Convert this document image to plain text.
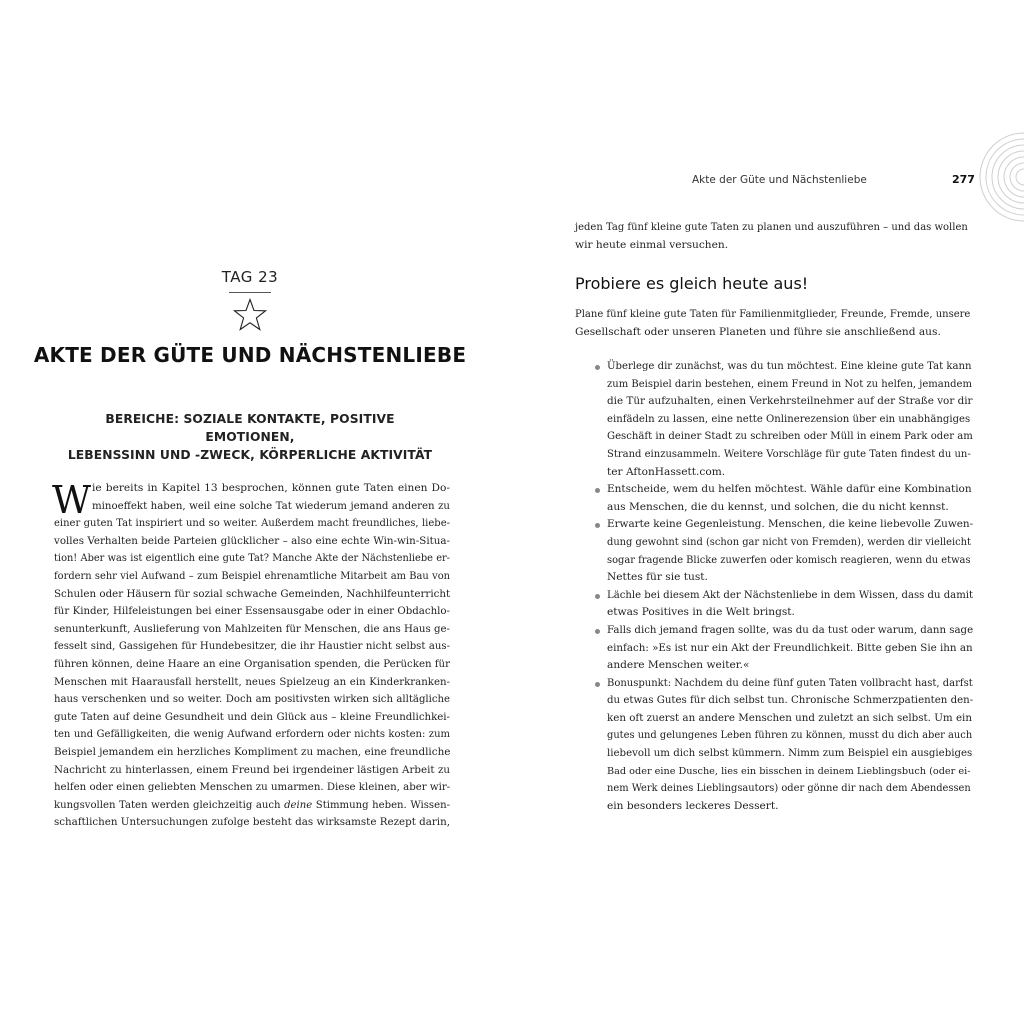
TAG 23
AKTE DER GÜTE UND NÄCHSTENLIEBE
BEREICHE: SOZIALE KONTAKTE, POSITIVE EMOTIONEN,
LEBENSSINN UND -ZWECK, KÖRPERLICHE AKTIVITÄT
W ie bereits in Kapitel 13 besprochen, können gute Taten einen Do-
minoeffekt haben, weil eine solche Tat wiederum jemand anderen zu
einer guten Tat inspiriert und so weiter. Außerdem macht freundliches, liebe-
volles Verhalten beide Parteien glücklicher – also eine echte Win-win-Situa-
tion! Aber was ist eigentlich eine gute Tat? Manche Akte der Nächstenliebe er-
fordern sehr viel Aufwand – zum Beispiel ehrenamtliche Mitarbeit am Bau von
Schulen oder Häusern für sozial schwache Gemeinden, Nachhilfeunterricht
für Kinder, Hilfeleistungen bei einer Essensausgabe oder in einer Obdachlo-
senunterkunft, Auslieferung von Mahlzeiten für Menschen, die ans Haus ge-
fesselt sind, Gassigehen für Hundebesitzer, die ihr Haustier nicht selbst aus-
führen können, deine Haare an eine Organisation spenden, die Perücken für
Menschen mit Haarausfall herstellt, neues Spielzeug an ein Kinderkranken-
haus verschenken und so weiter. Doch am positivsten wirken sich alltägliche
gute Taten auf deine Gesundheit und dein Glück aus – kleine Freundlichkei-
ten und Gefälligkeiten, die wenig Aufwand erfordern oder nichts kosten: zum
Beispiel jemandem ein herzliches Kompliment zu machen, eine freundliche
Nachricht zu hinterlassen, einem Freund bei irgendeiner lästigen Arbeit zu
helfen oder einen geliebten Menschen zu umarmen. Diese kleinen, aber wir-
kungsvollen Taten werden gleichzeitig auch deine Stimmung heben. Wissen-
schaftlichen Untersuchungen zufolge besteht das wirksamste Rezept darin,
Akte der Güte und Nächstenliebe	277
jeden Tag fünf kleine gute Taten zu planen und auszuführen – und das wollen
wir heute einmal versuchen.
Probiere es gleich heute aus!
Plane fünf kleine gute Taten für Familienmitglieder, Freunde, Fremde, unsere
Gesellschaft oder unseren Planeten und führe sie anschließend aus.
Überlege dir zunächst, was du tun möchtest. Eine kleine gute Tat kann
zum Beispiel darin bestehen, einem Freund in Not zu helfen, jemandem
die Tür aufzuhalten, einen Verkehrsteilnehmer auf der Straße vor dir
einfädeln zu lassen, eine nette Onlinerezension über ein unabhängiges
Geschäft in deiner Stadt zu schreiben oder Müll in einem Park oder am
Strand einzusammeln. Weitere Vorschläge für gute Taten findest du un-
ter AftonHassett.com.
Entscheide, wem du helfen möchtest. Wähle dafür eine Kombination
aus Menschen, die du kennst, und solchen, die du nicht kennst.
Erwarte keine Gegenleistung. Menschen, die keine liebevolle Zuwen-
dung gewohnt sind (schon gar nicht von Fremden), werden dir vielleicht
sogar fragende Blicke zuwerfen oder komisch reagieren, wenn du etwas
Nettes für sie tust.
Lächle bei diesem Akt der Nächstenliebe in dem Wissen, dass du damit
etwas Positives in die Welt bringst.
Falls dich jemand fragen sollte, was du da tust oder warum, dann sage
einfach: »Es ist nur ein Akt der Freundlichkeit. Bitte geben Sie ihn an
andere Menschen weiter.«
Bonuspunkt: Nachdem du deine fünf guten Taten vollbracht hast, darfst
du etwas Gutes für dich selbst tun. Chronische Schmerzpatienten den-
ken oft zuerst an andere Menschen und zuletzt an sich selbst. Um ein
gutes und gelungenes Leben führen zu können, musst du dich aber auch
liebevoll um dich selbst kümmern. Nimm zum Beispiel ein ausgiebiges
Bad oder eine Dusche, lies ein bisschen in deinem Lieblingsbuch (oder ei-
nem Werk deines Lieblingsautors) oder gönne dir nach dem Abendessen
ein besonders leckeres Dessert.
